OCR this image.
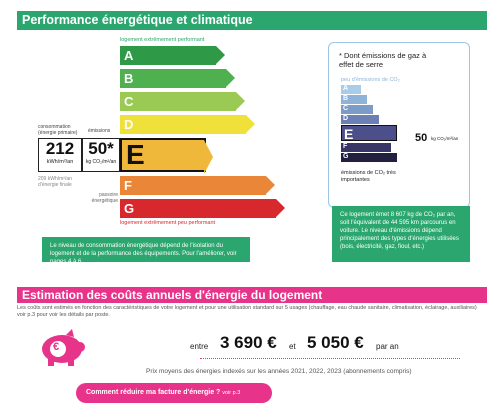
Performance énergétique et climatique
logement extrêmement performant
A
B
C
D
E
F
G
logement extrêmement peu performant
consommation (énergie primaire)	émissions
212
kWh/m²/an
50*
kg CO₂/m²/an
209 kWh/m²/an d'énergie finale
passoire énergétique
Le niveau de consommation énergétique dépend de l'isolation du logement et de la performance des équipements. Pour l'améliorer, voir
* Dont émissions de gaz à effet de serre
peu d'émissions de CO₂
A
B
C
D
E
F
G
émissions de CO₂ très importantes
50 kg CO₂/m²/an
Ce logement émet 8 607 kg de CO₂ par an, soit l'équivalent de 44 595 km parcourus en voiture. Le niveau d'émissions dépend principalement des types d'énergies utilisées (bois, électricité, gaz, fioul, etc.)
Estimation des coûts annuels d'énergie du logement
Les coûts sont estimés en fonction des caractéristiques de votre logement et pour une utilisation standard sur 5 usages (chauffage, eau chaude sanitaire, climatisation, éclairage, auxiliaires) voir p.3 pour voir les détails par poste.
€	entre 3 690 € et 5 050 € par an
Prix moyens des énergies indexés sur les années 2021, 2022, 2023 (abonnements compris)
Comment réduire ma facture d'énergie ? voir p.3
